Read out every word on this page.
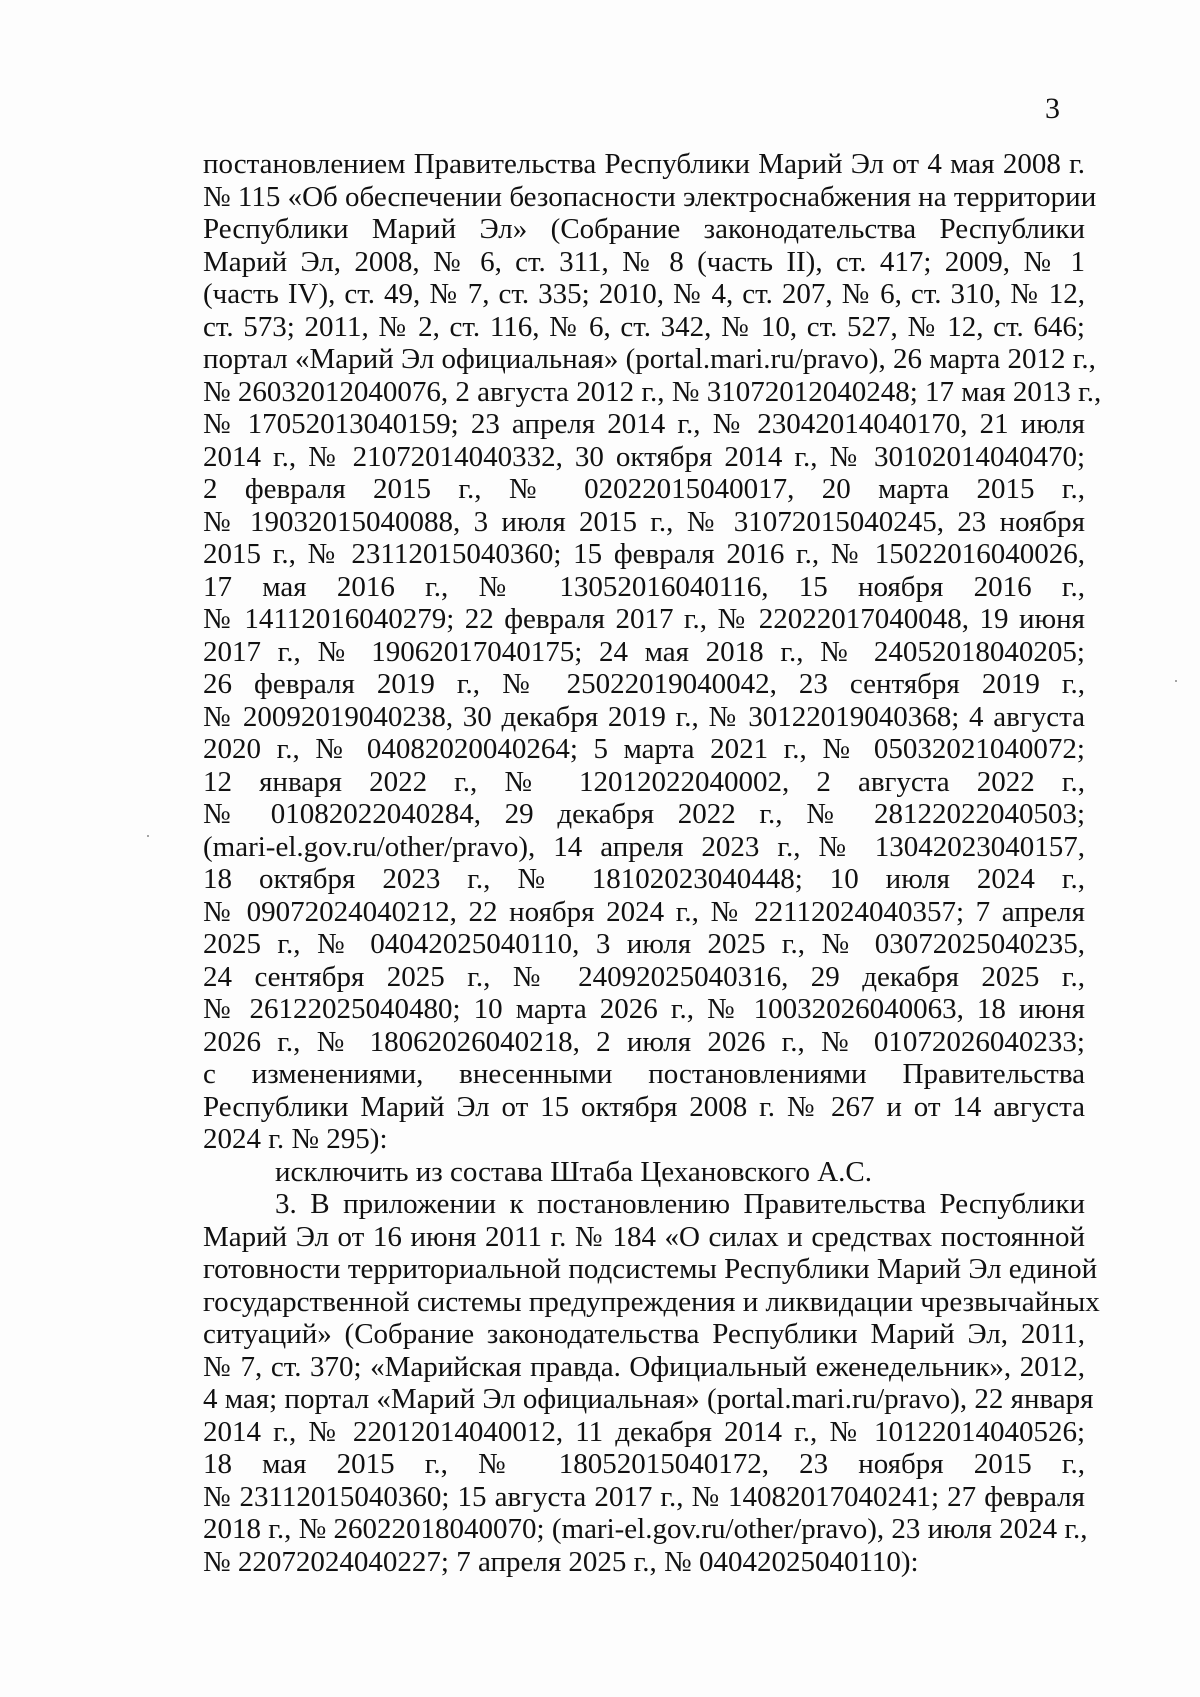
3
постановлением Правительства Республики Марий Эл от 4 мая 2008 г.
№ 115 «Об обеспечении безопасности электроснабжения на территории
Республики Марий Эл» (Собрание законодательства Республики
Марий Эл, 2008, № 6, ст. 311, № 8 (часть II), ст. 417; 2009, № 1
(часть IV), ст. 49, № 7, ст. 335; 2010, № 4, ст. 207, № 6, ст. 310, № 12,
ст. 573; 2011, № 2, ст. 116, № 6, ст. 342, № 10, ст. 527, № 12, ст. 646;
портал «Марий Эл официальная» (portal.mari.ru/pravo), 26 марта 2012 г.,
№ 26032012040076, 2 августа 2012 г., № 31072012040248; 17 мая 2013 г.,
№ 17052013040159; 23 апреля 2014 г., № 23042014040170, 21 июля
2014 г., № 21072014040332, 30 октября 2014 г., № 30102014040470;
2 февраля 2015 г., № 02022015040017, 20 марта 2015 г.,
№ 19032015040088, 3 июля 2015 г., № 31072015040245, 23 ноября
2015 г., № 23112015040360; 15 февраля 2016 г., № 15022016040026,
17 мая 2016 г., № 13052016040116, 15 ноября 2016 г.,
№ 14112016040279; 22 февраля 2017 г., № 22022017040048, 19 июня
2017 г., № 19062017040175; 24 мая 2018 г., № 24052018040205;
26 февраля 2019 г., № 25022019040042, 23 сентября 2019 г.,
№ 20092019040238, 30 декабря 2019 г., № 30122019040368; 4 августа
2020 г., № 04082020040264; 5 марта 2021 г., № 05032021040072;
12 января 2022 г., № 12012022040002, 2 августа 2022 г.,
№ 01082022040284, 29 декабря 2022 г., № 28122022040503;
(mari-el.gov.ru/other/pravo), 14 апреля 2023 г., № 13042023040157,
18 октября 2023 г., № 18102023040448; 10 июля 2024 г.,
№ 09072024040212, 22 ноября 2024 г., № 22112024040357; 7 апреля
2025 г., № 04042025040110, 3 июля 2025 г., № 03072025040235,
24 сентября 2025 г., № 24092025040316, 29 декабря 2025 г.,
№ 26122025040480; 10 марта 2026 г., № 10032026040063, 18 июня
2026 г., № 18062026040218, 2 июля 2026 г., № 01072026040233;
с изменениями, внесенными постановлениями Правительства
Республики Марий Эл от 15 октября 2008 г. № 267 и от 14 августа
2024 г. № 295):
исключить из состава Штаба Цехановского А.С.
3. В приложении к постановлению Правительства Республики
Марий Эл от 16 июня 2011 г. № 184 «О силах и средствах постоянной
готовности территориальной подсистемы Республики Марий Эл единой
государственной системы предупреждения и ликвидации чрезвычайных
ситуаций» (Собрание законодательства Республики Марий Эл, 2011,
№ 7, ст. 370; «Марийская правда. Официальный еженедельник», 2012,
4 мая; портал «Марий Эл официальная» (portal.mari.ru/pravo), 22 января
2014 г., № 22012014040012, 11 декабря 2014 г., № 10122014040526;
18 мая 2015 г., № 18052015040172, 23 ноября 2015 г.,
№ 23112015040360; 15 августа 2017 г., № 14082017040241; 27 февраля
2018 г., № 26022018040070; (mari-el.gov.ru/other/pravo), 23 июля 2024 г.,
№ 22072024040227; 7 апреля 2025 г., № 04042025040110):
